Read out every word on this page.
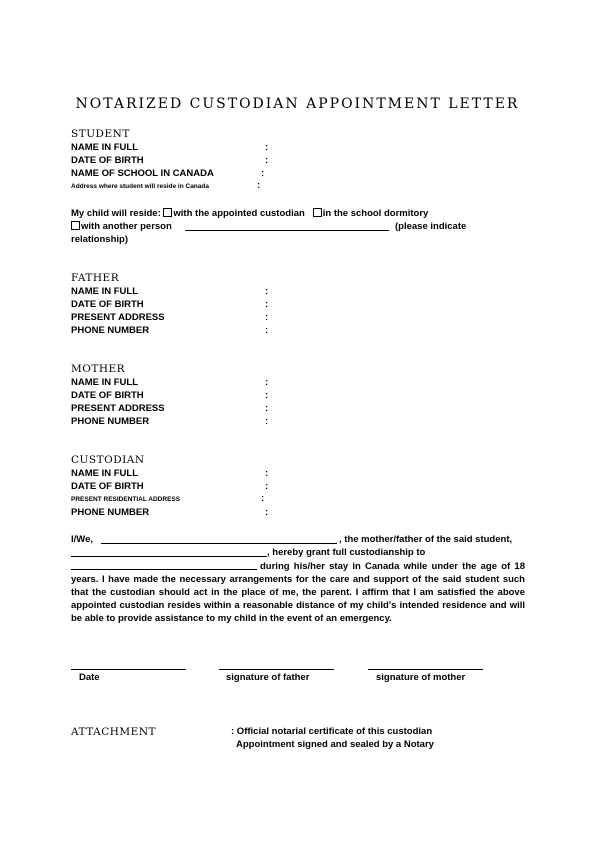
NOTARIZED CUSTODIAN APPOINTMENT LETTER
STUDENT
NAME IN FULL	:
DATE OF BIRTH	:
NAME OF SCHOOL IN CANADA	:
Address where student will reside in Canada	:
My child will reside: with the appointed custodian in the school dormitory
with another person	(please indicate
relationship)
FATHER
NAME IN FULL	:
DATE OF BIRTH	:
PRESENT ADDRESS	:
PHONE NUMBER	:
MOTHER
NAME IN FULL	:
DATE OF BIRTH	:
PRESENT ADDRESS	:
PHONE NUMBER	:
CUSTODIAN
NAME IN FULL	:
DATE OF BIRTH	:
PRESENT RESIDENTIAL ADDRESS	:
PHONE NUMBER	:
I/We,	, the mother/father of the said student,
, hereby grant full custodianship to
during his/her stay in Canada while under the age of 18 years. I have made the necessary arrangements for the care and support of the said student such that the custodian should act in the place of me, the parent. I affirm that I am satisfied the above appointed custodian resides within a reasonable distance of my child's intended residence and will be able to provide assistance to my child in the event of an emergency.
Date	signature of father	signature of mother
ATTACHMENT	: Official notarial certificate of this custodian
Appointment signed and sealed by a Notary
